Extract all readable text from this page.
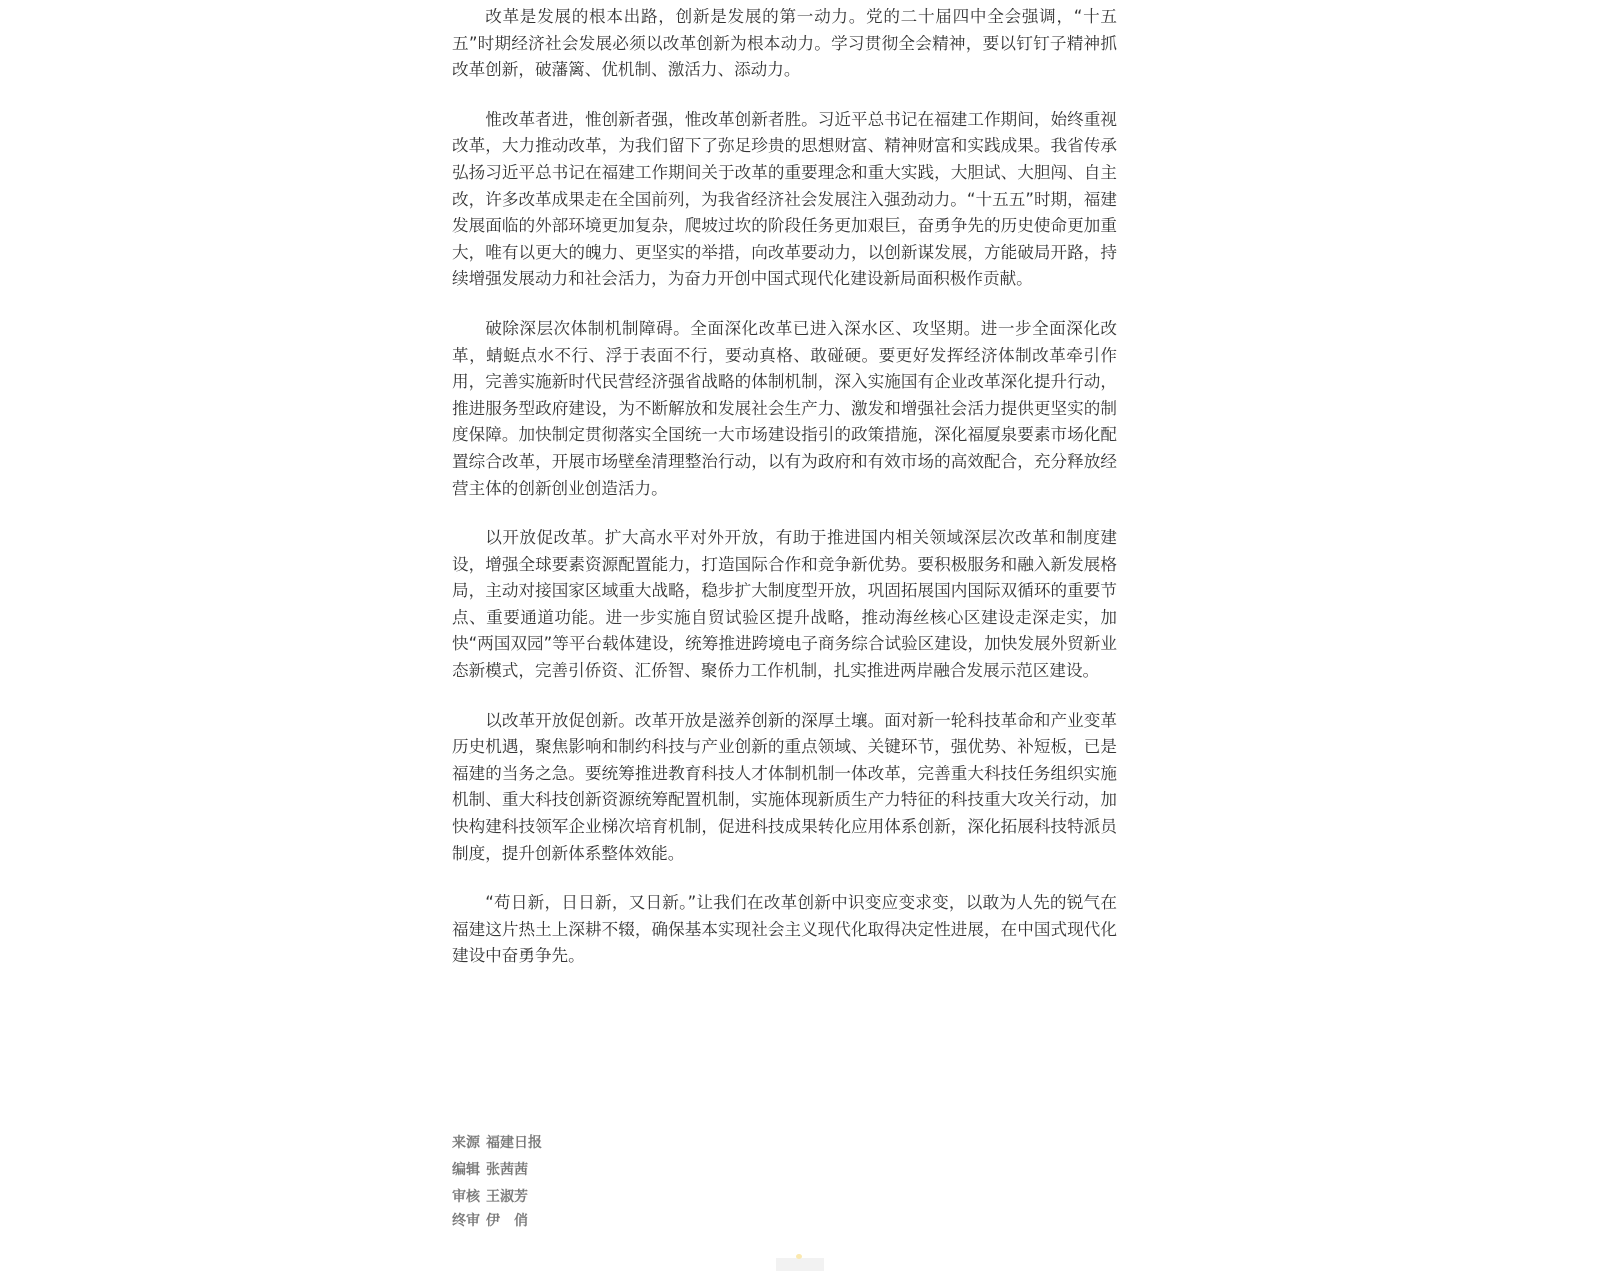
改革是发展的根本出路，创新是发展的第一动力。党的二十届四中全会强调，“十五五”时期经济社会发展必须以改革创新为根本动力。学习贯彻全会精神，要以钉钉子精神抓改革创新，破藩篱、优机制、激活力、添动力。

惟改革者进，惟创新者强，惟改革创新者胜。习近平总书记在福建工作期间，始终重视改革，大力推动改革，为我们留下了弥足珍贵的思想财富、精神财富和实践成果。我省传承弘扬习近平总书记在福建工作期间关于改革的重要理念和重大实践，大胆试、大胆闯、自主改，许多改革成果走在全国前列，为我省经济社会发展注入强劲动力。“十五五”时期，福建发展面临的外部环境更加复杂，爬坡过坎的阶段任务更加艰巨，奋勇争先的历史使命更加重大，唯有以更大的魄力、更坚实的举措，向改革要动力，以创新谋发展，方能破局开路，持续增强发展动力和社会活力，为奋力开创中国式现代化建设新局面积极作贡献。

破除深层次体制机制障碍。全面深化改革已进入深水区、攻坚期。进一步全面深化改革，蜻蜓点水不行、浮于表面不行，要动真格、敢碰硬。要更好发挥经济体制改革牵引作用，完善实施新时代民营经济强省战略的体制机制，深入实施国有企业改革深化提升行动，推进服务型政府建设，为不断解放和发展社会生产力、激发和增强社会活力提供更坚实的制度保障。加快制定贯彻落实全国统一大市场建设指引的政策措施，深化福厦泉要素市场化配置综合改革，开展市场壁垒清理整治行动，以有为政府和有效市场的高效配合，充分释放经营主体的创新创业创造活力。

以开放促改革。扩大高水平对外开放，有助于推进国内相关领域深层次改革和制度建设，增强全球要素资源配置能力，打造国际合作和竞争新优势。要积极服务和融入新发展格局，主动对接国家区域重大战略，稳步扩大制度型开放，巩固拓展国内国际双循环的重要节点、重要通道功能。进一步实施自贸试验区提升战略，推动海丝核心区建设走深走实，加快“两国双园”等平台载体建设，统筹推进跨境电子商务综合试验区建设，加快发展外贸新业态新模式，完善引侨资、汇侨智、聚侨力工作机制，扎实推进两岸融合发展示范区建设。

以改革开放促创新。改革开放是滋养创新的深厚土壤。面对新一轮科技革命和产业变革历史机遇，聚焦影响和制约科技与产业创新的重点领域、关键环节，强优势、补短板，已是福建的当务之急。要统筹推进教育科技人才体制机制一体改革，完善重大科技任务组织实施机制、重大科技创新资源统筹配置机制，实施体现新质生产力特征的科技重大攻关行动，加快构建科技领军企业梯次培育机制，促进科技成果转化应用体系创新，深化拓展科技特派员制度，提升创新体系整体效能。

“苟日新，日日新，又日新。”让我们在改革创新中识变应变求变，以敢为人先的锐气在福建这片热土上深耕不辍，确保基本实现社会主义现代化取得决定性进展，在中国式现代化建设中奋勇争先。

来源 福建日报
编辑 张茜茜
审核 王淑芳
终审 伊　俏
